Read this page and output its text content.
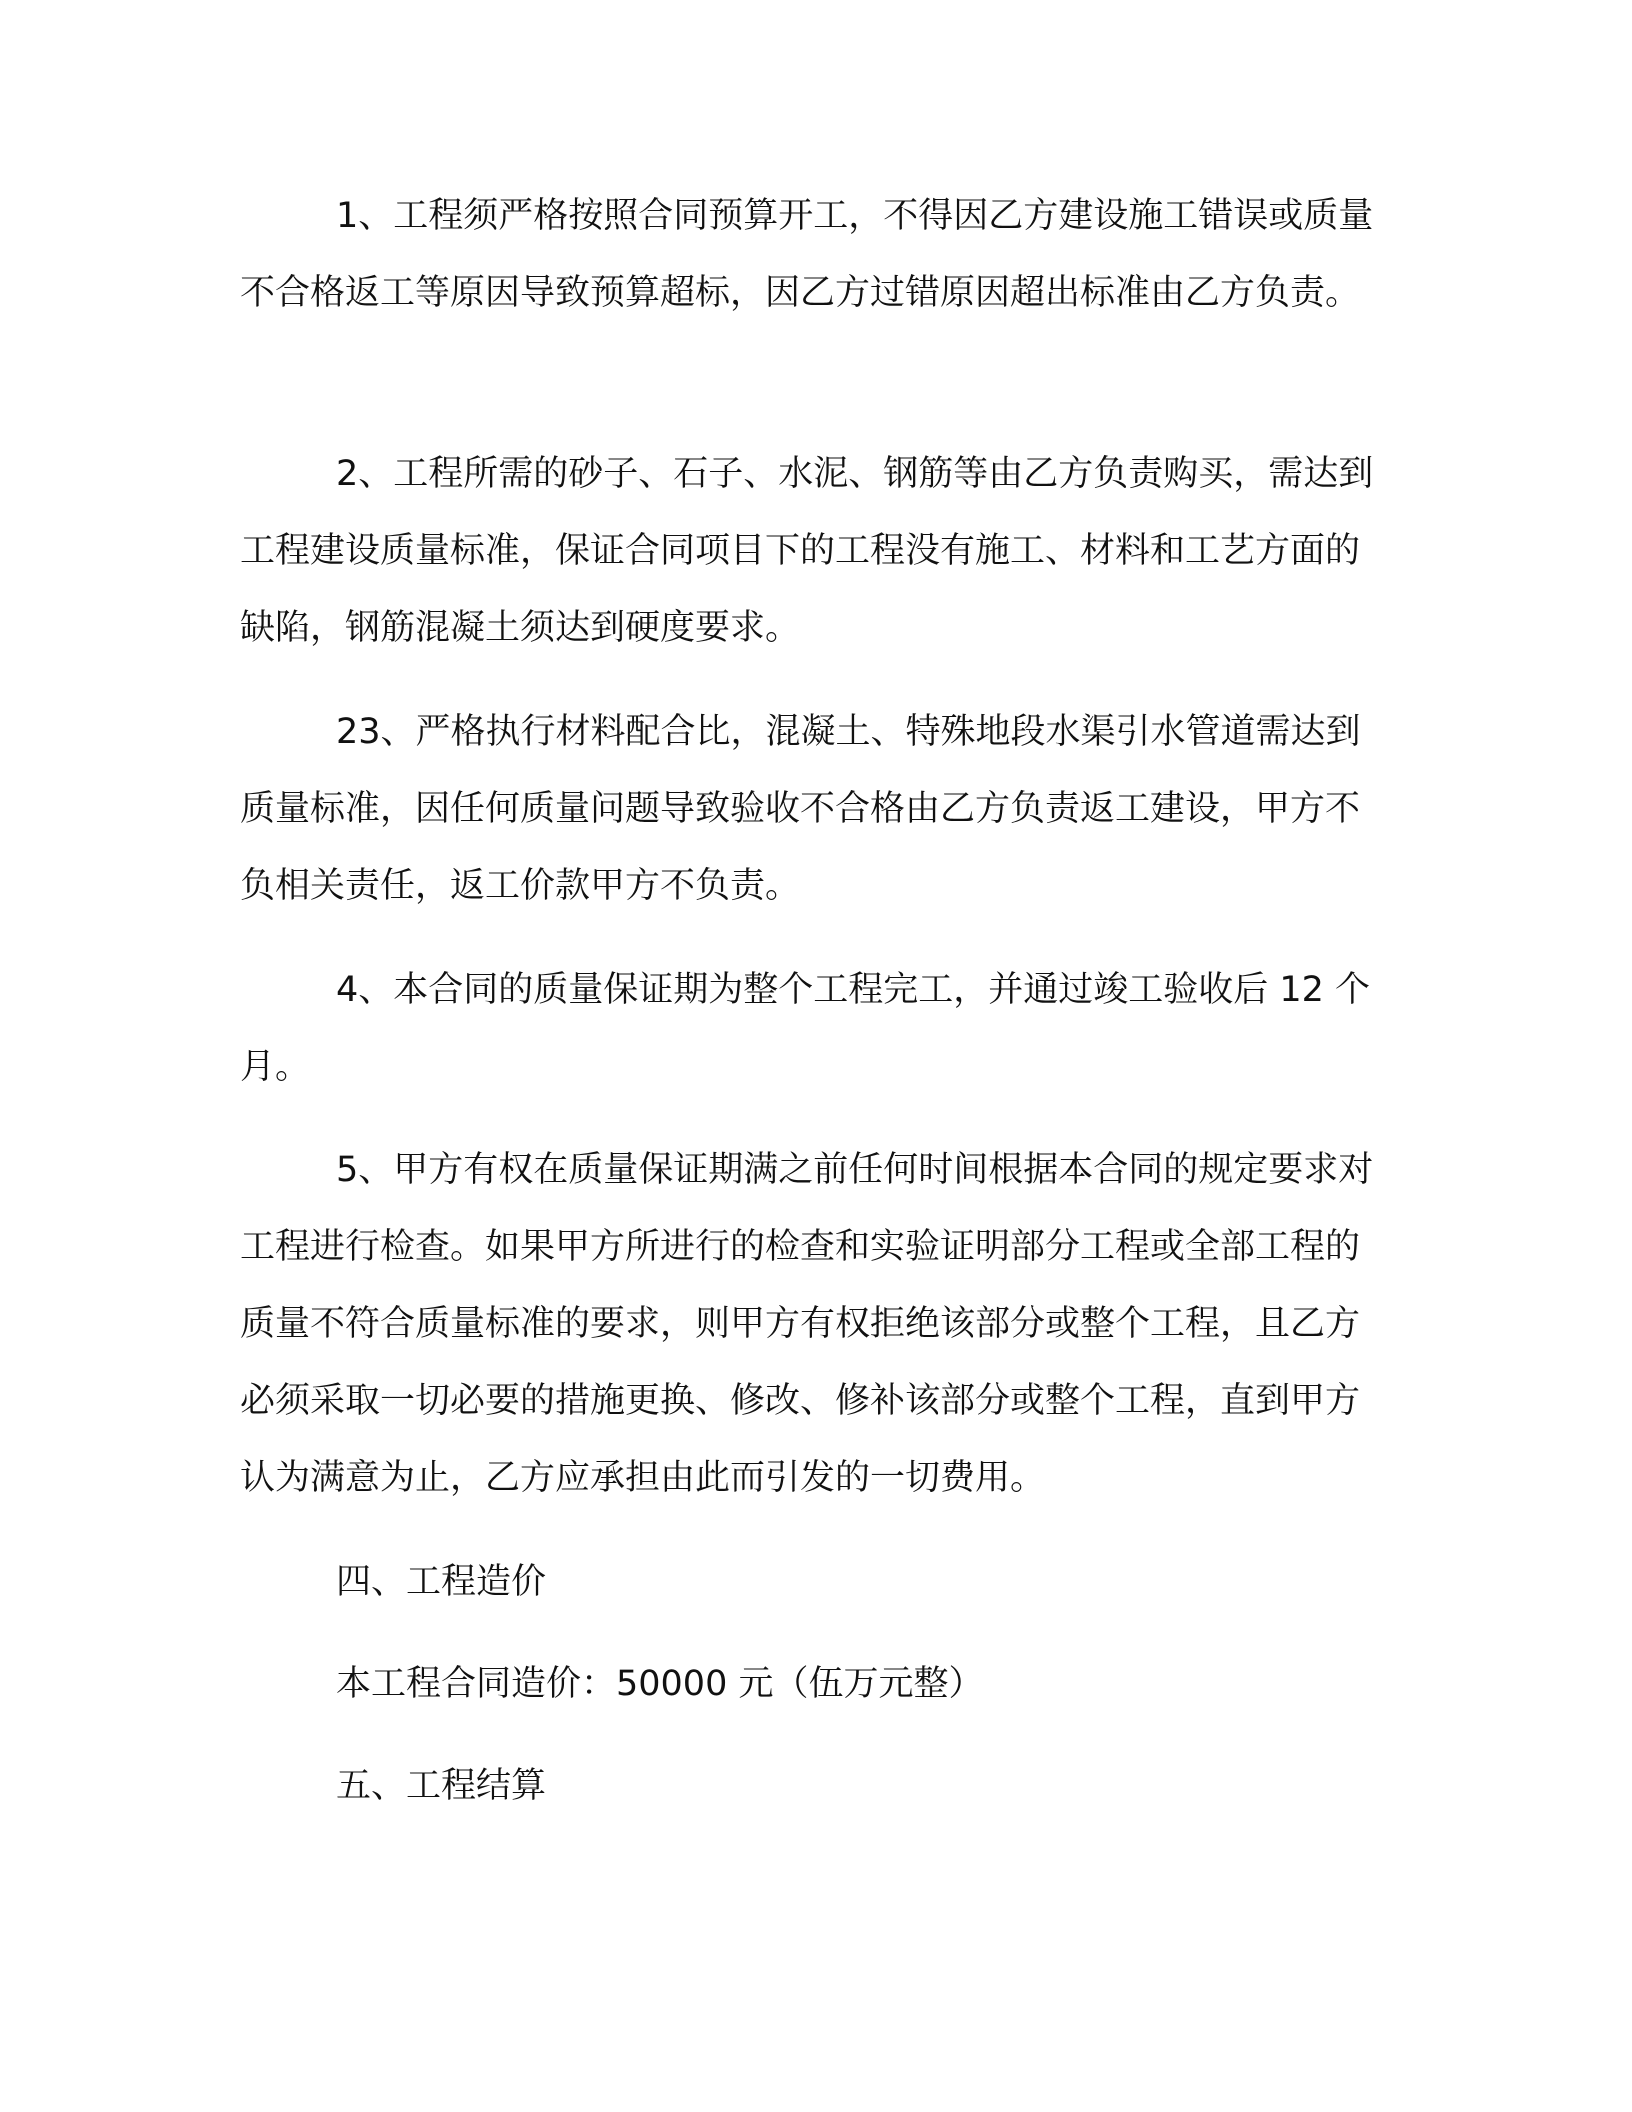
1、工程须严格按照合同预算开工，不得因乙方建设施工错误或质量不合格返工等原因导致预算超标，因乙方过错原因超出标准由乙方负责。

2、工程所需的砂子、石子、水泥、钢筋等由乙方负责购买，需达到工程建设质量标准，保证合同项目下的工程没有施工、材料和工艺方面的缺陷，钢筋混凝土须达到硬度要求。

23、严格执行材料配合比，混凝土、特殊地段水渠引水管道需达到质量标准，因任何质量问题导致验收不合格由乙方负责返工建设，甲方不负相关责任，返工价款甲方不负责。

4、本合同的质量保证期为整个工程完工，并通过竣工验收后 12 个月。

5、甲方有权在质量保证期满之前任何时间根据本合同的规定要求对工程进行检查。如果甲方所进行的检查和实验证明部分工程或全部工程的质量不符合质量标准的要求，则甲方有权拒绝该部分或整个工程，且乙方必须采取一切必要的措施更换、修改、修补该部分或整个工程，直到甲方认为满意为止，乙方应承担由此而引发的一切费用。

四、工程造价

本工程合同造价：50000 元（伍万元整）

五、工程结算
